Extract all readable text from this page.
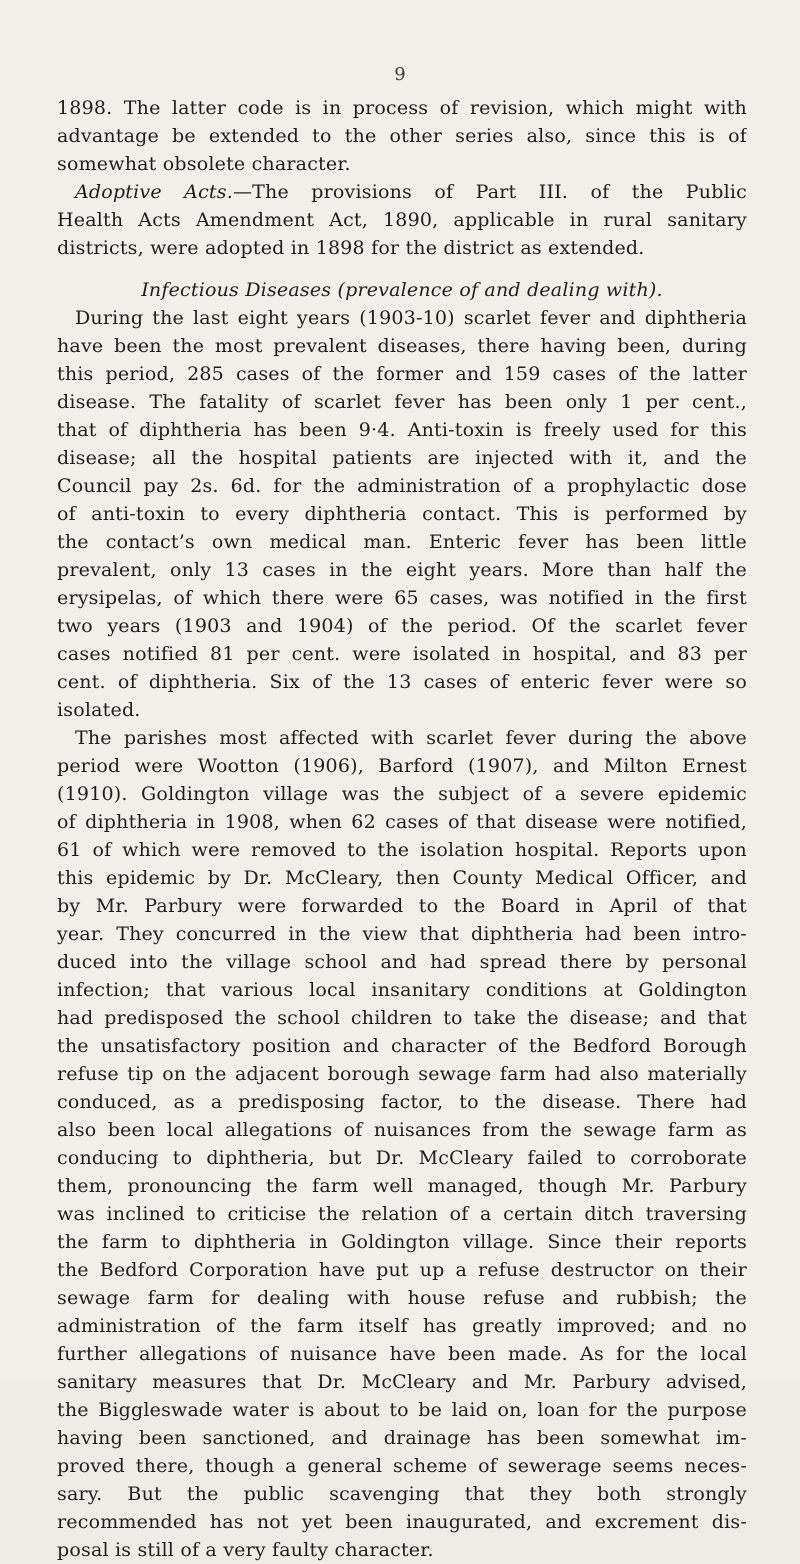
9
1898. The latter code is in process of revision, which might with
advantage be extended to the other series also, since this is of
somewhat obsolete character.
Adoptive Acts.—The provisions of Part III. of the Public
Health Acts Amendment Act, 1890, applicable in rural sanitary
districts, were adopted in 1898 for the district as extended.
Infectious Diseases (prevalence of and dealing with).
During the last eight years (1903-10) scarlet fever and diphtheria
have been the most prevalent diseases, there having been, during
this period, 285 cases of the former and 159 cases of the latter
disease. The fatality of scarlet fever has been only 1 per cent.,
that of diphtheria has been 9·4. Anti-toxin is freely used for this
disease; all the hospital patients are injected with it, and the
Council pay 2s. 6d. for the administration of a prophylactic dose
of anti-toxin to every diphtheria contact. This is performed by
the contact’s own medical man. Enteric fever has been little
prevalent, only 13 cases in the eight years. More than half the
erysipelas, of which there were 65 cases, was notified in the first
two years (1903 and 1904) of the period. Of the scarlet fever
cases notified 81 per cent. were isolated in hospital, and 83 per
cent. of diphtheria. Six of the 13 cases of enteric fever were so
isolated.
The parishes most affected with scarlet fever during the above
period were Wootton (1906), Barford (1907), and Milton Ernest
(1910). Goldington village was the subject of a severe epidemic
of diphtheria in 1908, when 62 cases of that disease were notified,
61 of which were removed to the isolation hospital. Reports upon
this epidemic by Dr. McCleary, then County Medical Officer, and
by Mr. Parbury were forwarded to the Board in April of that
year. They concurred in the view that diphtheria had been intro-
duced into the village school and had spread there by personal
infection; that various local insanitary conditions at Goldington
had predisposed the school children to take the disease; and that
the unsatisfactory position and character of the Bedford Borough
refuse tip on the adjacent borough sewage farm had also materially
conduced, as a predisposing factor, to the disease. There had
also been local allegations of nuisances from the sewage farm as
conducing to diphtheria, but Dr. McCleary failed to corroborate
them, pronouncing the farm well managed, though Mr. Parbury
was inclined to criticise the relation of a certain ditch traversing
the farm to diphtheria in Goldington village. Since their reports
the Bedford Corporation have put up a refuse destructor on their
sewage farm for dealing with house refuse and rubbish; the
administration of the farm itself has greatly improved; and no
further allegations of nuisance have been made. As for the local
sanitary measures that Dr. McCleary and Mr. Parbury advised,
the Biggleswade water is about to be laid on, loan for the purpose
having been sanctioned, and drainage has been somewhat im-
proved there, though a general scheme of sewerage seems neces-
sary. But the public scavenging that they both strongly
recommended has not yet been inaugurated, and excrement dis-
posal is still of a very faulty character.
